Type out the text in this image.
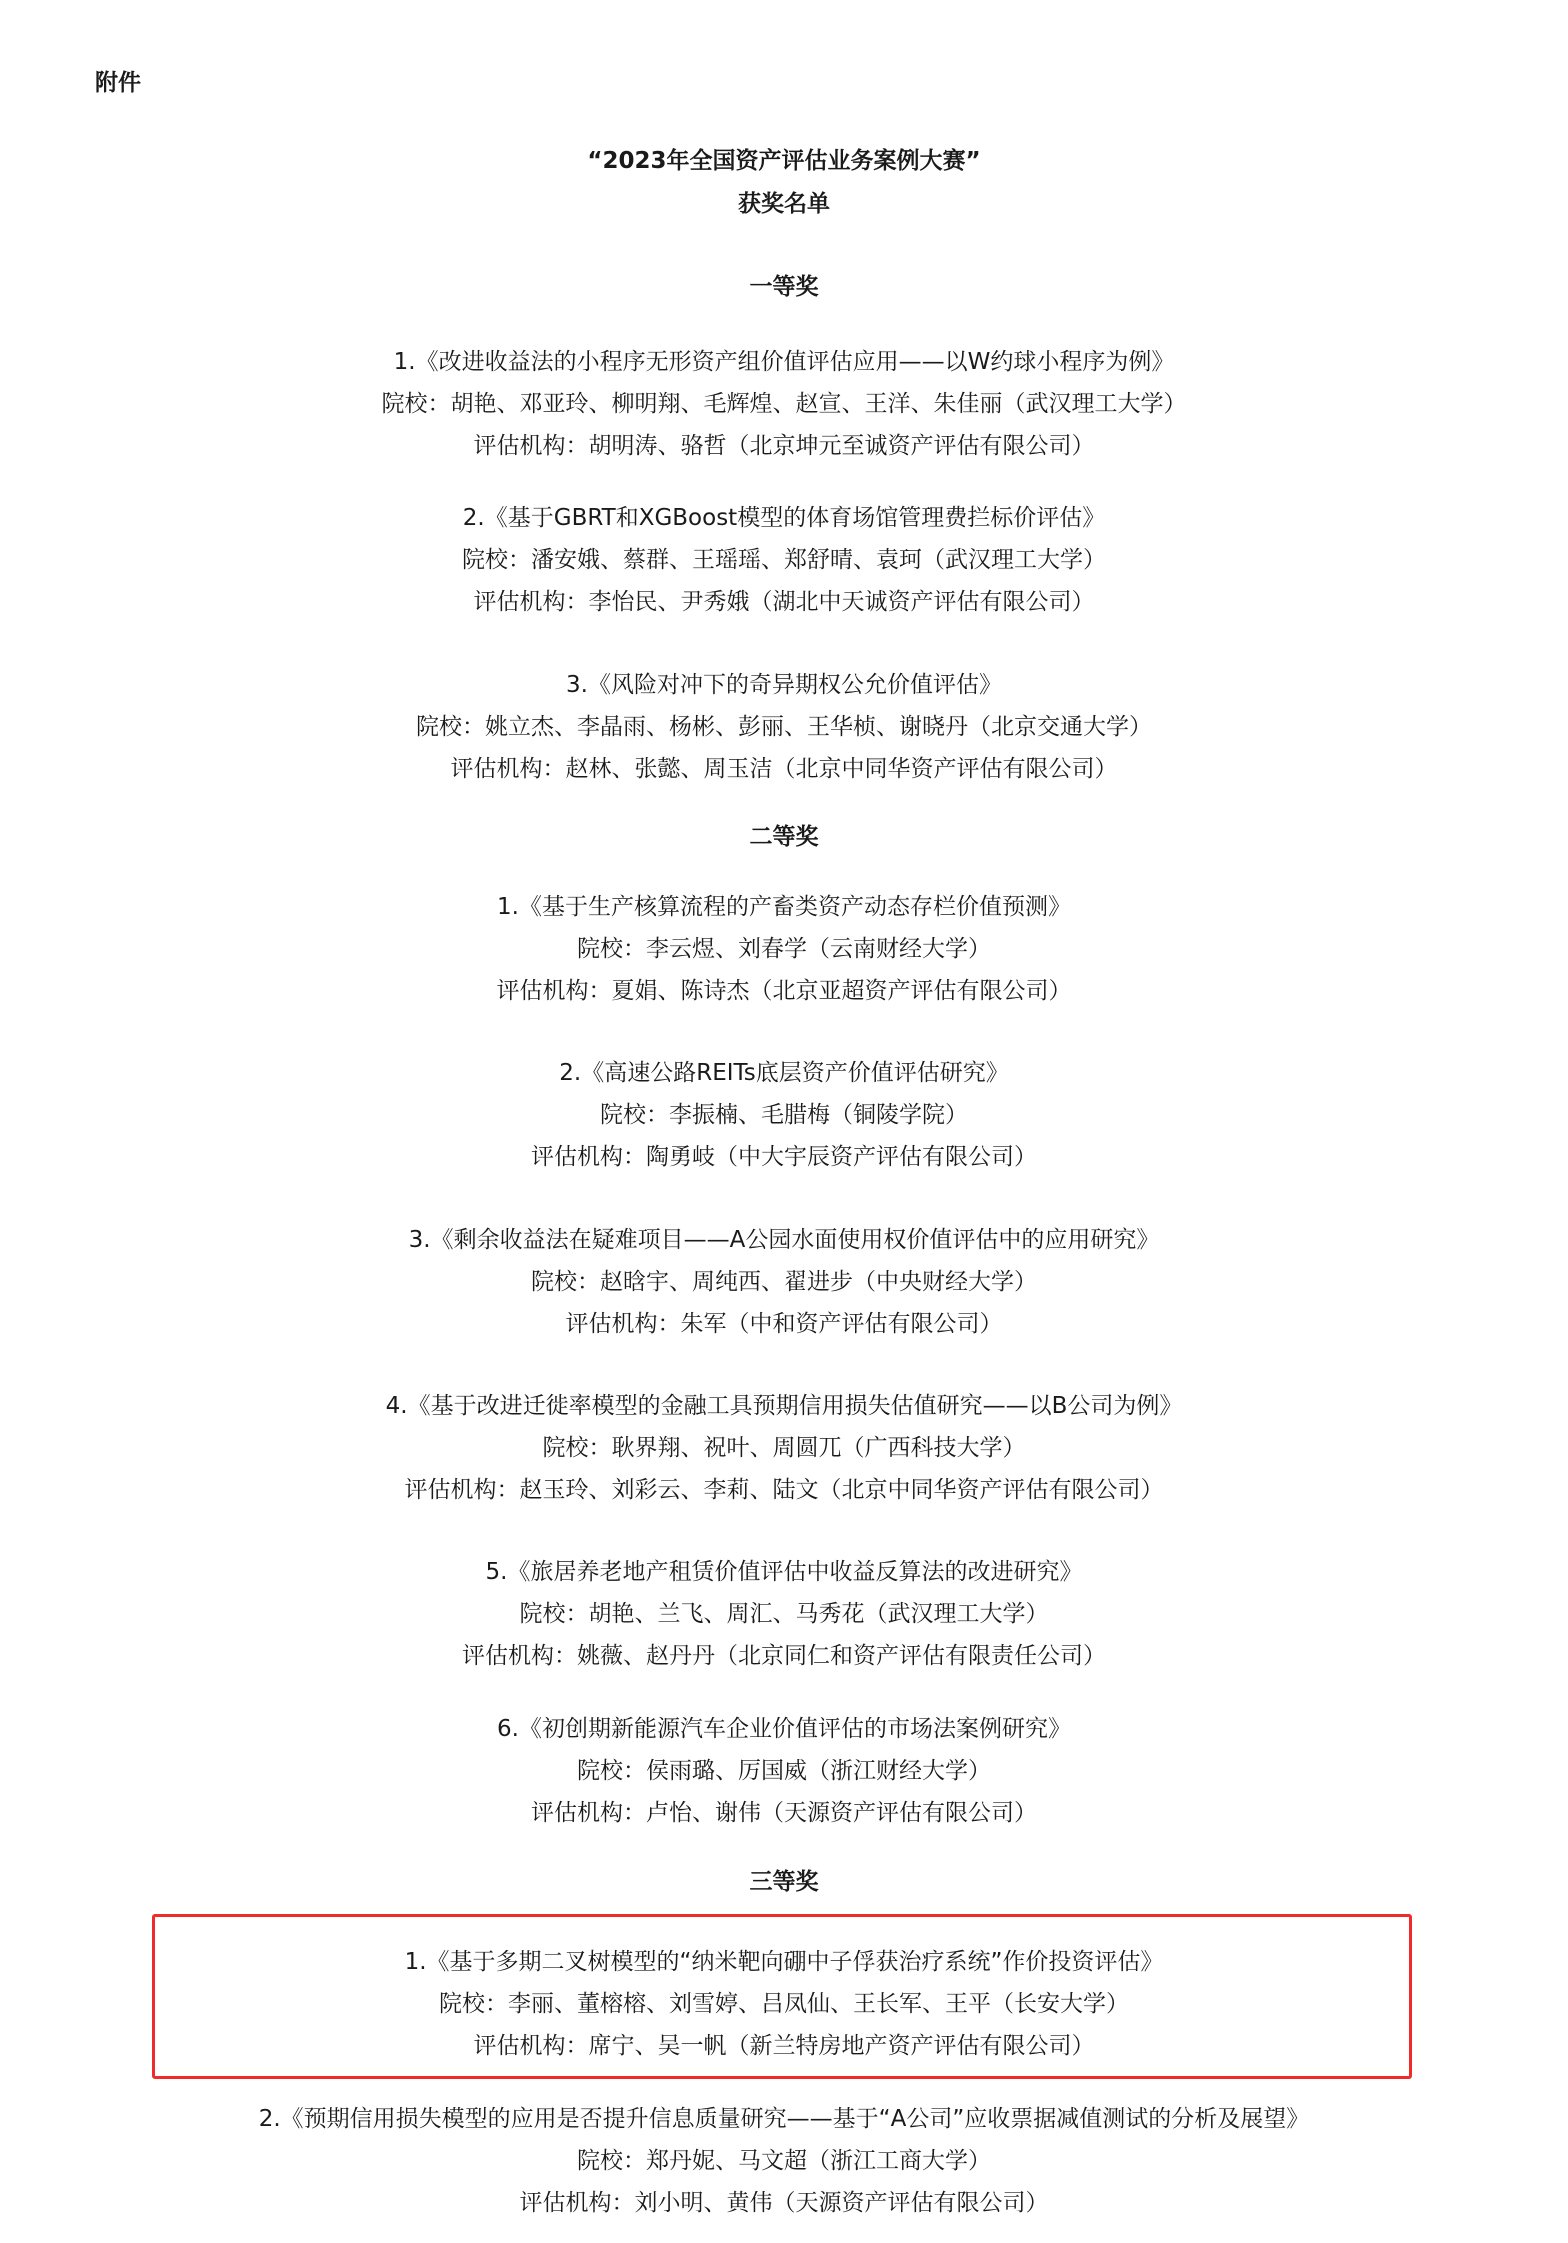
附件
“2023年全国资产评估业务案例大赛”
获奖名单
一等奖
1.《改进收益法的小程序无形资产组价值评估应用——以W约球小程序为例》
院校：胡艳、邓亚玲、柳明翔、毛辉煌、赵宣、王洋、朱佳丽（武汉理工大学）
评估机构：胡明涛、骆哲（北京坤元至诚资产评估有限公司）
2.《基于GBRT和XGBoost模型的体育场馆管理费拦标价评估》
院校：潘安娥、蔡群、王瑶瑶、郑舒晴、袁珂（武汉理工大学）
评估机构：李怡民、尹秀娥（湖北中天诚资产评估有限公司）
3.《风险对冲下的奇异期权公允价值评估》
院校：姚立杰、李晶雨、杨彬、彭丽、王华桢、谢晓丹（北京交通大学）
评估机构：赵林、张懿、周玉洁（北京中同华资产评估有限公司）
二等奖
1.《基于生产核算流程的产畜类资产动态存栏价值预测》
院校：李云煜、刘春学（云南财经大学）
评估机构：夏娟、陈诗杰（北京亚超资产评估有限公司）
2.《高速公路REITs底层资产价值评估研究》
院校：李振楠、毛腊梅（铜陵学院）
评估机构：陶勇岐（中大宇辰资产评估有限公司）
3.《剩余收益法在疑难项目——A公园水面使用权价值评估中的应用研究》
院校：赵晗宇、周纯西、翟进步（中央财经大学）
评估机构：朱军（中和资产评估有限公司）
4.《基于改进迁徙率模型的金融工具预期信用损失估值研究——以B公司为例》
院校：耿界翔、祝叶、周圆兀（广西科技大学）
评估机构：赵玉玲、刘彩云、李莉、陆文（北京中同华资产评估有限公司）
5.《旅居养老地产租赁价值评估中收益反算法的改进研究》
院校：胡艳、兰飞、周汇、马秀花（武汉理工大学）
评估机构：姚薇、赵丹丹（北京同仁和资产评估有限责任公司）
6.《初创期新能源汽车企业价值评估的市场法案例研究》
院校：侯雨璐、厉国威（浙江财经大学）
评估机构：卢怡、谢伟（天源资产评估有限公司）
三等奖
1.《基于多期二叉树模型的“纳米靶向硼中子俘获治疗系统”作价投资评估》
院校：李丽、董榕榕、刘雪婷、吕凤仙、王长军、王平（长安大学）
评估机构：席宁、吴一帆（新兰特房地产资产评估有限公司）
2.《预期信用损失模型的应用是否提升信息质量研究——基于“A公司”应收票据减值测试的分析及展望》
院校：郑丹妮、马文超（浙江工商大学）
评估机构：刘小明、黄伟（天源资产评估有限公司）
